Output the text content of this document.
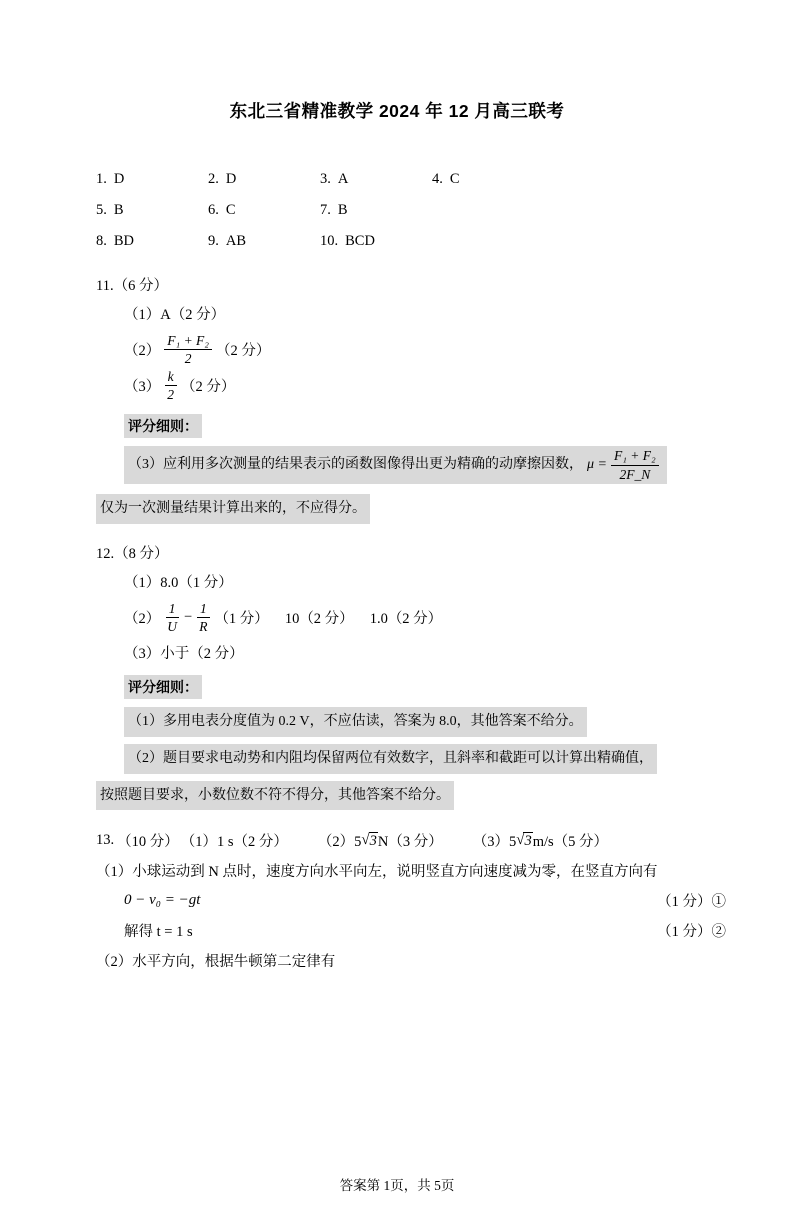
东北三省精准教学 2024 年 12 月高三联考
1. D	2. D	3. A	4. C
5. B	6. C	7. B
8. BD	9. AB	10. BCD
11.（6 分）
（1）A（2 分）
$(2) \frac{\text{F₁ + F₂}}{2} (2$ 分）
$(3) \frac{k}{2} (2$ 分）
评分细则：
（3）应利用多次测量的结果表示的函数图像得出更为精确的动摩擦因数， $\mu = \frac{\text{F₁ + F₂}}{2F\_N}$
仅为一次测量结果计算出来的，不应得分。
12.（8 分）
（1）8.0（1 分）
$(2) \frac{1}{U} - \frac{1}{R} (1$ 分） 10（2 分） 1.0（2 分）
（3）小于（2 分）
评分细则：
（1）多用电表分度值为 0.2 V，不应估读，答案为 8.0，其他答案不给分。
（2）题目要求电动势和内阻均保留两位有效数字，且斜率和截距可以计算出精确值，
按照题目要求，小数位数不符不得分，其他答案不给分。
13. （10 分） （1）1 s（2 分） （2）5 √ 3 N（3 分） （3）5 √ 3 m/s（5 分）
（1）小球运动到 N 点时，速度方向水平向左，说明竖直方向速度减为零，在竖直方向有
0 − v₀ = −gt	（1 分）①
解得 t = 1 s	（1 分）②
（2）水平方向，根据牛顿第二定律有
答案第 1页，共 5页
